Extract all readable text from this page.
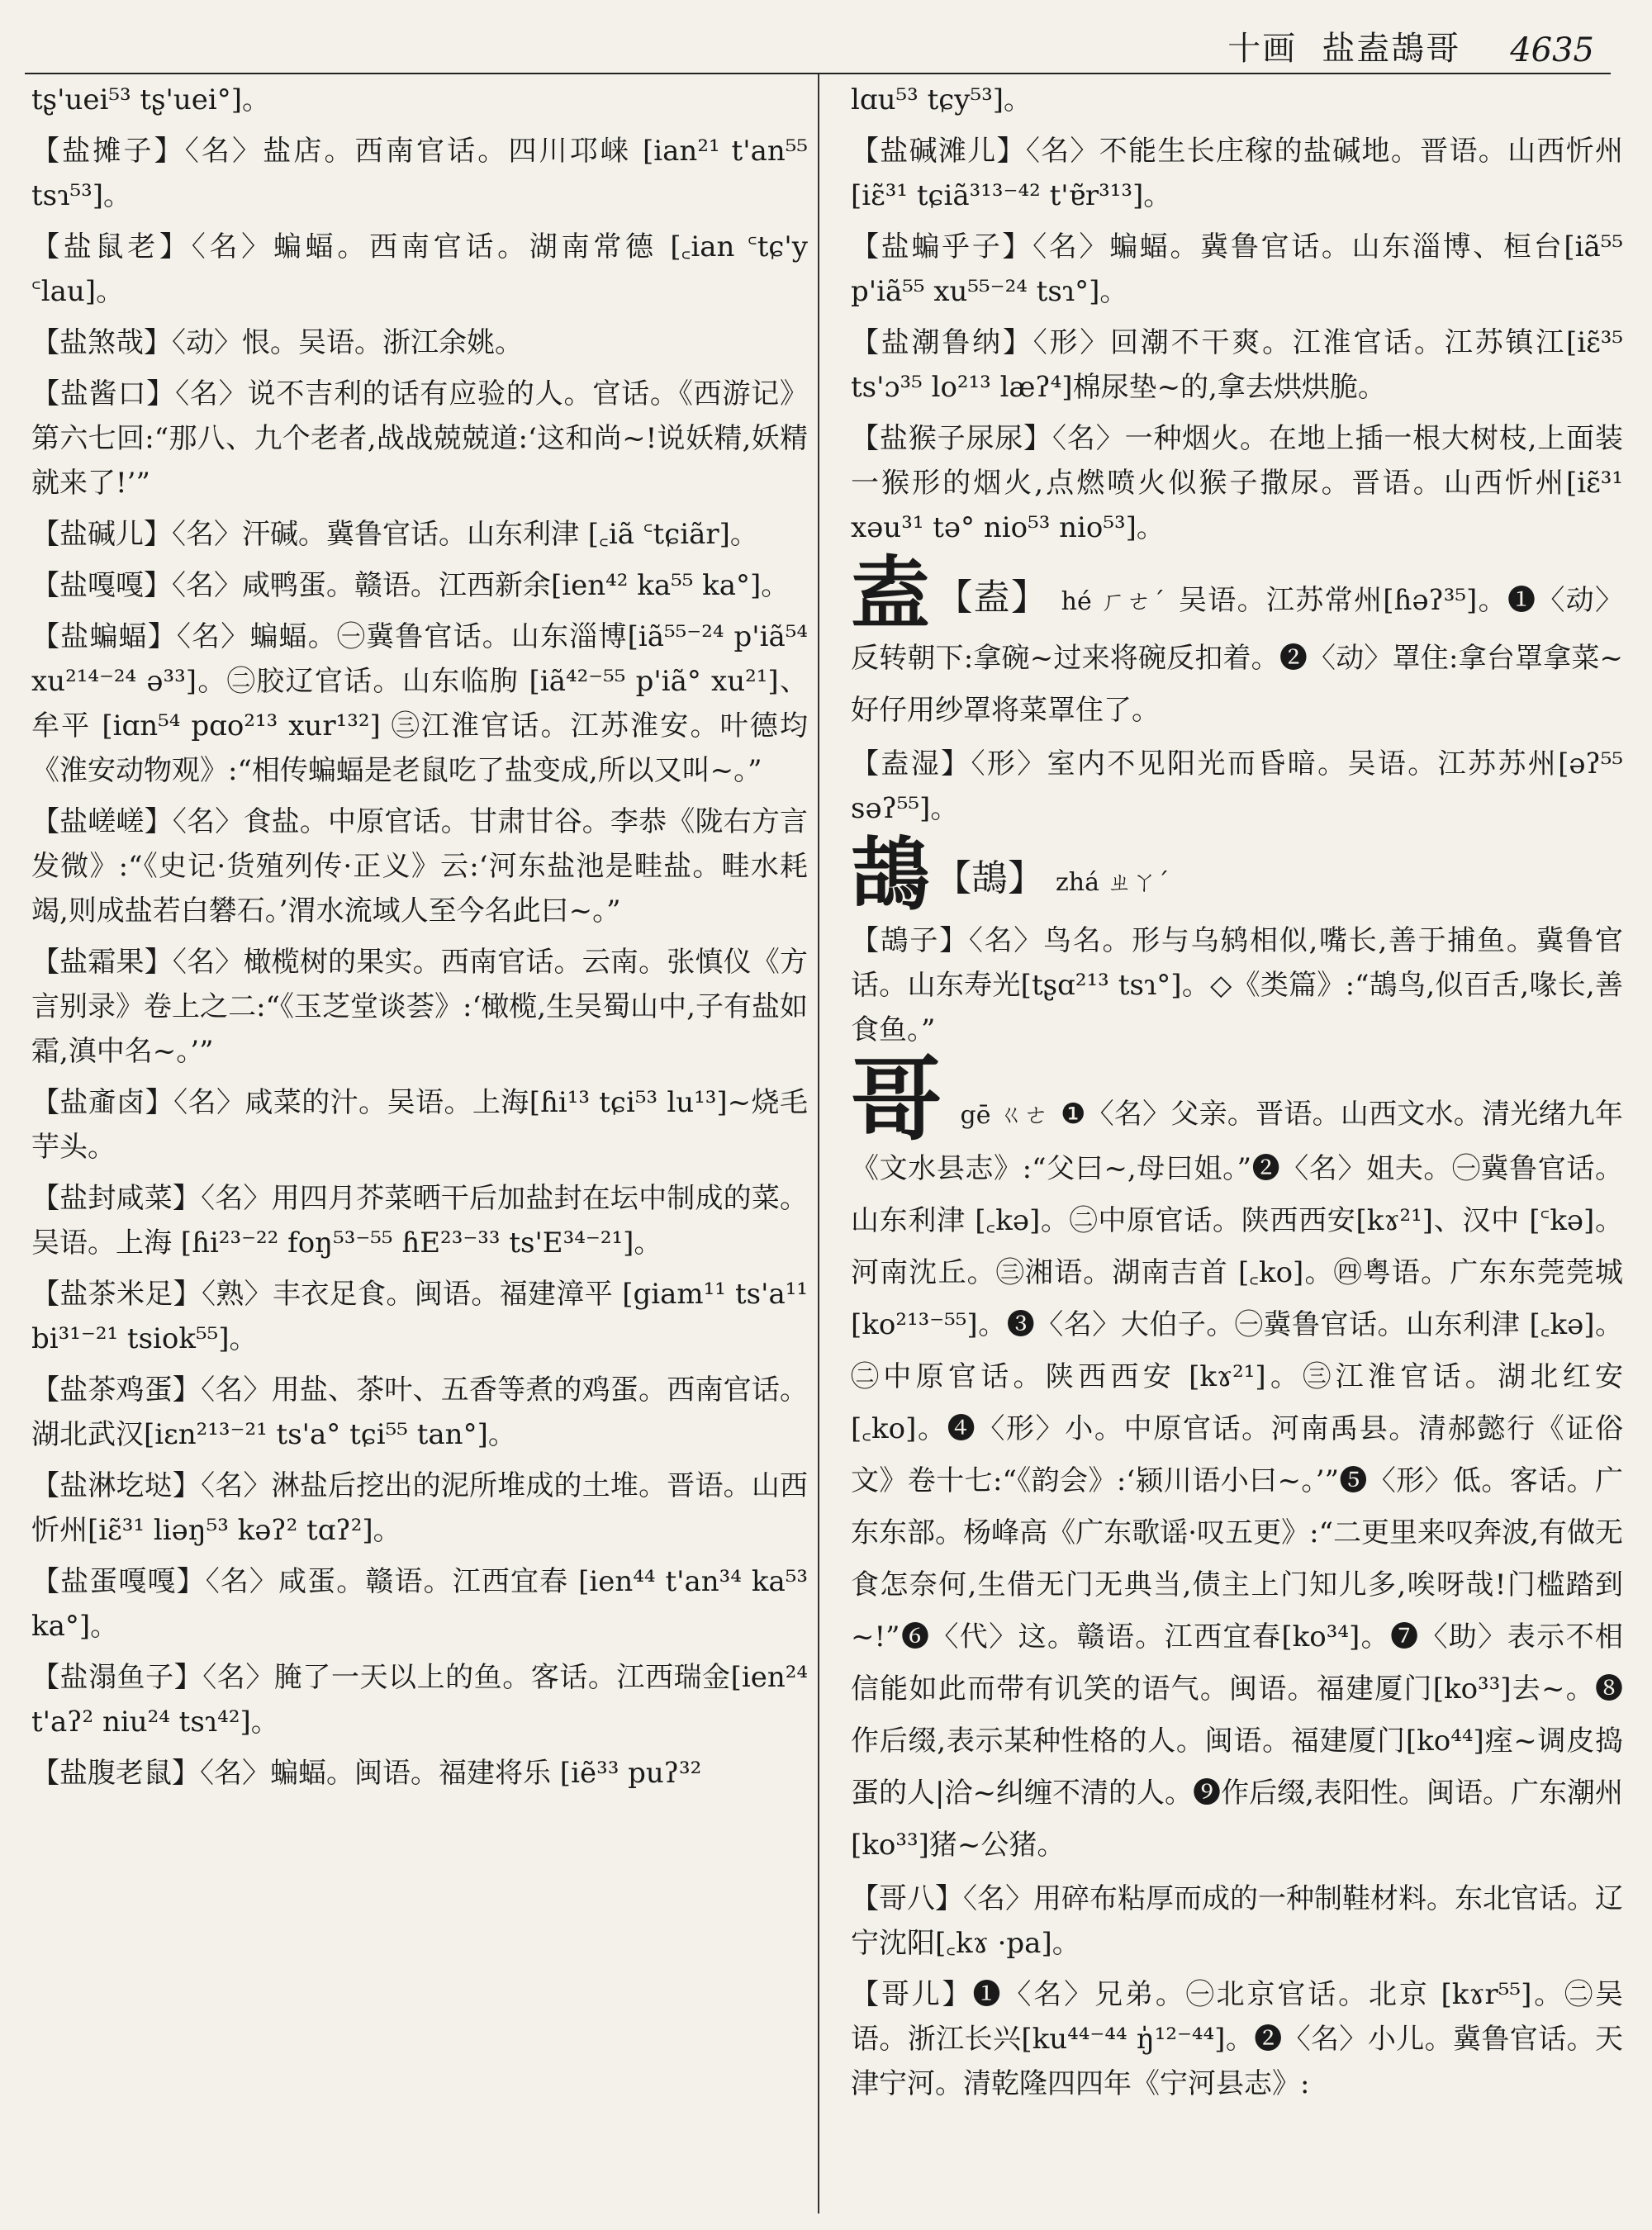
十画 盐盍鴶哥 4635

tʂ'uei⁵³ tʂ'uei°]。

【盐摊子】〈名〉盐店。西南官话。四川邛崃 [ian²¹ t'an⁵⁵ tsɿ⁵³]。

【盐鼠老】〈名〉蝙蝠。西南官话。湖南常德 [꜀ian ꜂tɕ'y ꜂lau]。

【盐煞哉】〈动〉恨。吴语。浙江余姚。

【盐酱口】〈名〉说不吉利的话有应验的人。官话。《西游记》第六七回:“那八、九个老者,战战兢兢道:‘这和尚~!说妖精,妖精就来了!’”

【盐碱儿】〈名〉汗碱。冀鲁官话。山东利津 [꜀iã ꜂tɕiãr]。

【盐嘎嘎】〈名〉咸鸭蛋。赣语。江西新余[ien⁴² ka⁵⁵ ka°]。

【盐蝙蝠】〈名〉蝙蝠。㊀冀鲁官话。山东淄博[iã⁵⁵⁻²⁴ p'iã⁵⁴ xu²¹⁴⁻²⁴ ə³³]。㊁胶辽官话。山东临朐 [iã⁴²⁻⁵⁵ p'iã° xu²¹]、牟平 [iɑn⁵⁴ pɑo²¹³ xur¹³²] ㊂江淮官话。江苏淮安。叶德均《淮安动物观》:“相传蝙蝠是老鼠吃了盐变成,所以又叫~。”

【盐嵯嵯】〈名〉食盐。中原官话。甘肃甘谷。李恭《陇右方言发微》:“《史记·货殖列传·正义》云:‘河东盐池是畦盐。畦水耗竭,则成盐若白礬石。’渭水流域人至今名此曰~。”

【盐霜果】〈名〉橄榄树的果实。西南官话。云南。张慎仪《方言别录》卷上之二:“《玉芝堂谈荟》:‘橄榄,生吴蜀山中,子有盐如霜,滇中名~。’”

【盐齑卤】〈名〉咸菜的汁。吴语。上海[ɦi¹³ tɕi⁵³ lu¹³]~烧毛芋头。

【盐封咸菜】〈名〉用四月芥菜晒干后加盐封在坛中制成的菜。吴语。上海 [ɦi²³⁻²² foŋ⁵³⁻⁵⁵ ɦE²³⁻³³ ts'E³⁴⁻²¹]。

【盐茶米足】〈熟〉丰衣足食。闽语。福建漳平 [giam¹¹ ts'a¹¹ bi³¹⁻²¹ tsiok⁵⁵]。

【盐茶鸡蛋】〈名〉用盐、茶叶、五香等煮的鸡蛋。西南官话。湖北武汉[iɛn²¹³⁻²¹ ts'a° tɕi⁵⁵ tan°]。

【盐淋圪垯】〈名〉淋盐后挖出的泥所堆成的土堆。晋语。山西忻州[iɛ̃³¹ liəŋ⁵³ kəʔ² tɑʔ²]。

【盐蛋嘎嘎】〈名〉咸蛋。赣语。江西宜春 [ien⁴⁴ t'an³⁴ ka⁵³ ka°]。

【盐溻鱼子】〈名〉腌了一天以上的鱼。客话。江西瑞金[ien²⁴ t'aʔ² niu²⁴ tsɿ⁴²]。

【盐腹老鼠】〈名〉蝙蝠。闽语。福建将乐 [iẽ³³ puʔ³²

lɑu⁵³ tɕy⁵³]。

【盐碱滩儿】〈名〉不能生长庄稼的盐碱地。晋语。山西忻州[iɛ̃³¹ tɕiã³¹³⁻⁴² t'ɐ̃r³¹³]。

【盐蝙乎子】〈名〉蝙蝠。冀鲁官话。山东淄博、桓台[iã⁵⁵ p'iã⁵⁵ xu⁵⁵⁻²⁴ tsɿ°]。

【盐潮鲁纳】〈形〉回潮不干爽。江淮官话。江苏镇江[iɛ̃³⁵ ts'ɔ³⁵ lo²¹³ læʔ⁴]棉尿垫~的,拿去烘烘脆。

【盐猴子尿尿】〈名〉一种烟火。在地上插一根大树枝,上面装一猴形的烟火,点燃喷火似猴子撒尿。晋语。山西忻州[iɛ̃³¹ xəu³¹ tə° nio⁵³ nio⁵³]。

盍 【盍】 hé ㄏㄜˊ 吴语。江苏常州[ɦəʔ³⁵]。❶〈动〉反转朝下:拿碗~过来将碗反扣着。❷〈动〉罩住:拿台罩拿菜~好仔用纱罩将菜罩住了。

【盍湿】〈形〉室内不见阳光而昏暗。吴语。江苏苏州[əʔ⁵⁵ səʔ⁵⁵]。

鴶 【鴶】 zhá ㄓㄚˊ

【鴶子】〈名〉鸟名。形与乌鸫相似,嘴长,善于捕鱼。冀鲁官话。山东寿光[tʂɑ²¹³ tsɿ°]。◇《类篇》:“鴶鸟,似百舌,喙长,善食鱼。”

哥 gē ㄍㄜ ❶〈名〉父亲。晋语。山西文水。清光绪九年《文水县志》:“父曰~,母曰姐。”❷〈名〉姐夫。㊀冀鲁官话。山东利津 [꜀kə]。㊁中原官话。陕西西安[kɤ²¹]、汉中 [꜂kə]。河南沈丘。㊂湘语。湖南吉首 [꜀ko]。㊃粤语。广东东莞莞城[ko²¹³⁻⁵⁵]。❸〈名〉大伯子。㊀冀鲁官话。山东利津 [꜀kə]。㊁中原官话。陕西西安 [kɤ²¹]。㊂江淮官话。湖北红安 [꜀ko]。❹〈形〉小。中原官话。河南禹县。清郝懿行《证俗文》卷十七:“《韵会》:‘颍川语小曰~。’”❺〈形〉低。客话。广东东部。杨峰高《广东歌谣·叹五更》:“二更里来叹奔波,有做无食怎奈何,生借无门无典当,债主上门知儿多,唉呀哉!门槛踏到~!”❻〈代〉这。赣语。江西宜春[ko³⁴]。❼〈助〉表示不相信能如此而带有讥笑的语气。闽语。福建厦门[ko³³]去~。❽作后缀,表示某种性格的人。闽语。福建厦门[ko⁴⁴]痓~调皮捣蛋的人|洽~纠缠不清的人。❾作后缀,表阳性。闽语。广东潮州[ko³³]猪~公猪。

【哥八】〈名〉用碎布粘厚而成的一种制鞋材料。东北官话。辽宁沈阳[꜀kɤ ·pa]。

【哥儿】❶〈名〉兄弟。㊀北京官话。北京 [kɤr⁵⁵]。㊁吴语。浙江长兴[ku⁴⁴⁻⁴⁴ ŋ̍¹²⁻⁴⁴]。❷〈名〉小儿。冀鲁官话。天津宁河。清乾隆四四年《宁河县志》:
